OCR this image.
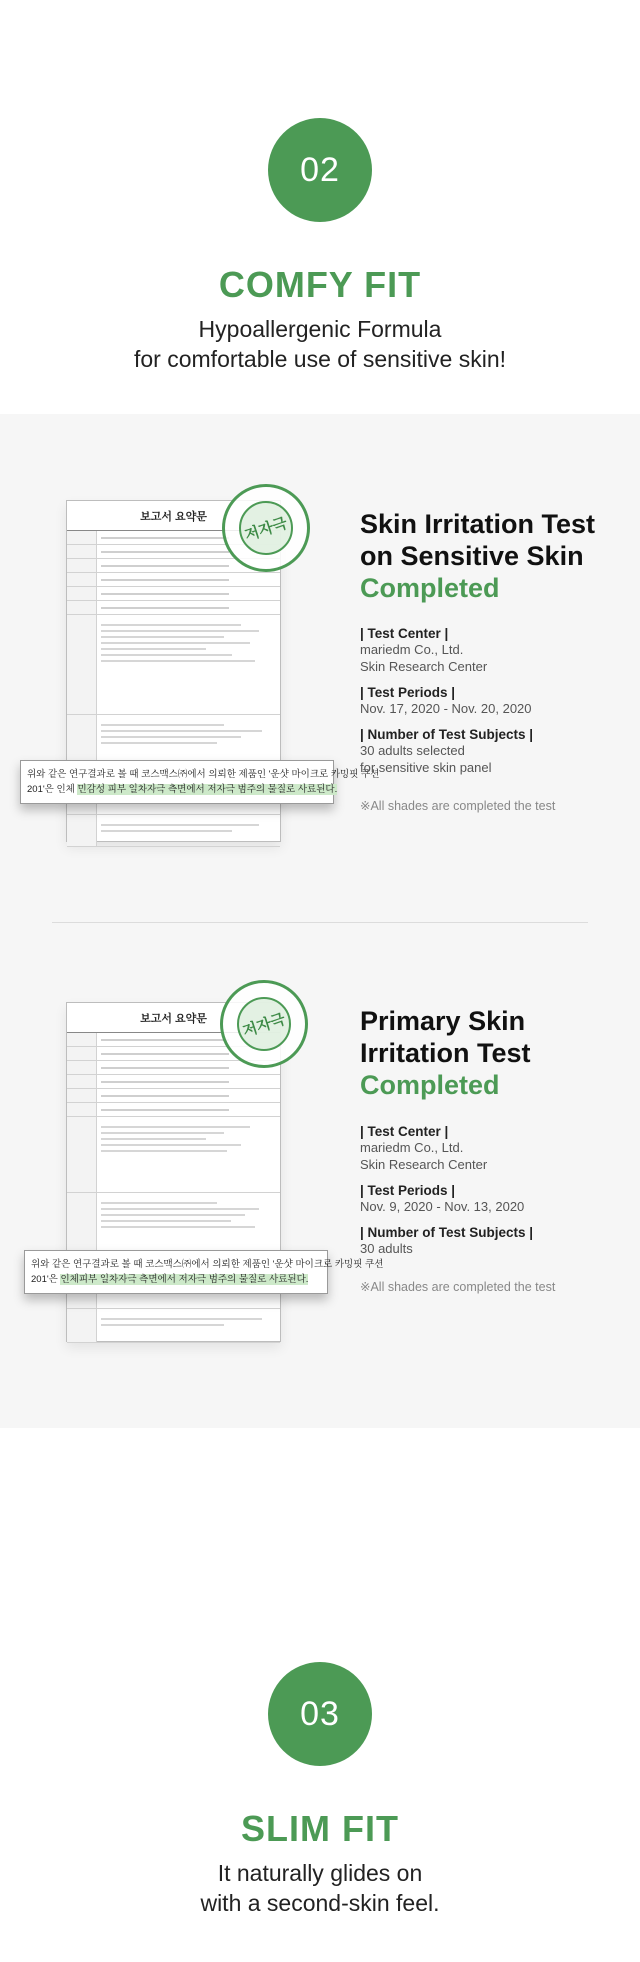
02
COMFY FIT
Hypoallergenic Formula
for comfortable use of sensitive skin!
보고서 요약문	저자극
위와 같은 연구결과로 볼 때 코스맥스㈜에서 의뢰한 제품인 '운샷 마이크로 카밍핏 쿠션
201'은 인체 민감성 피부 일차자극 측면에서 저자극 범주의 물질로 사료된다.
Skin Irritation Test
on Sensitive Skin
Completed
| Test Center |
mariedm Co., Ltd.
Skin Research Center
| Test Periods |
Nov. 17, 2020 - Nov. 20, 2020
| Number of Test Subjects |
30 adults selected
for sensitive skin panel
※All shades are completed the test
보고서 요약문	저자극
위와 같은 연구결과로 볼 때 코스맥스㈜에서 의뢰한 제품인 '운샷 마이크로 카밍핏 쿠션
201'은 인체피부 일차자극 측면에서 저자극 범주의 물질로 사료된다.
Primary Skin
Irritation Test
Completed
| Test Center |
mariedm Co., Ltd.
Skin Research Center
| Test Periods |
Nov. 9, 2020 - Nov. 13, 2020
| Number of Test Subjects |
30 adults
※All shades are completed the test
03
SLIM FIT
It naturally glides on
with a second-skin feel.
